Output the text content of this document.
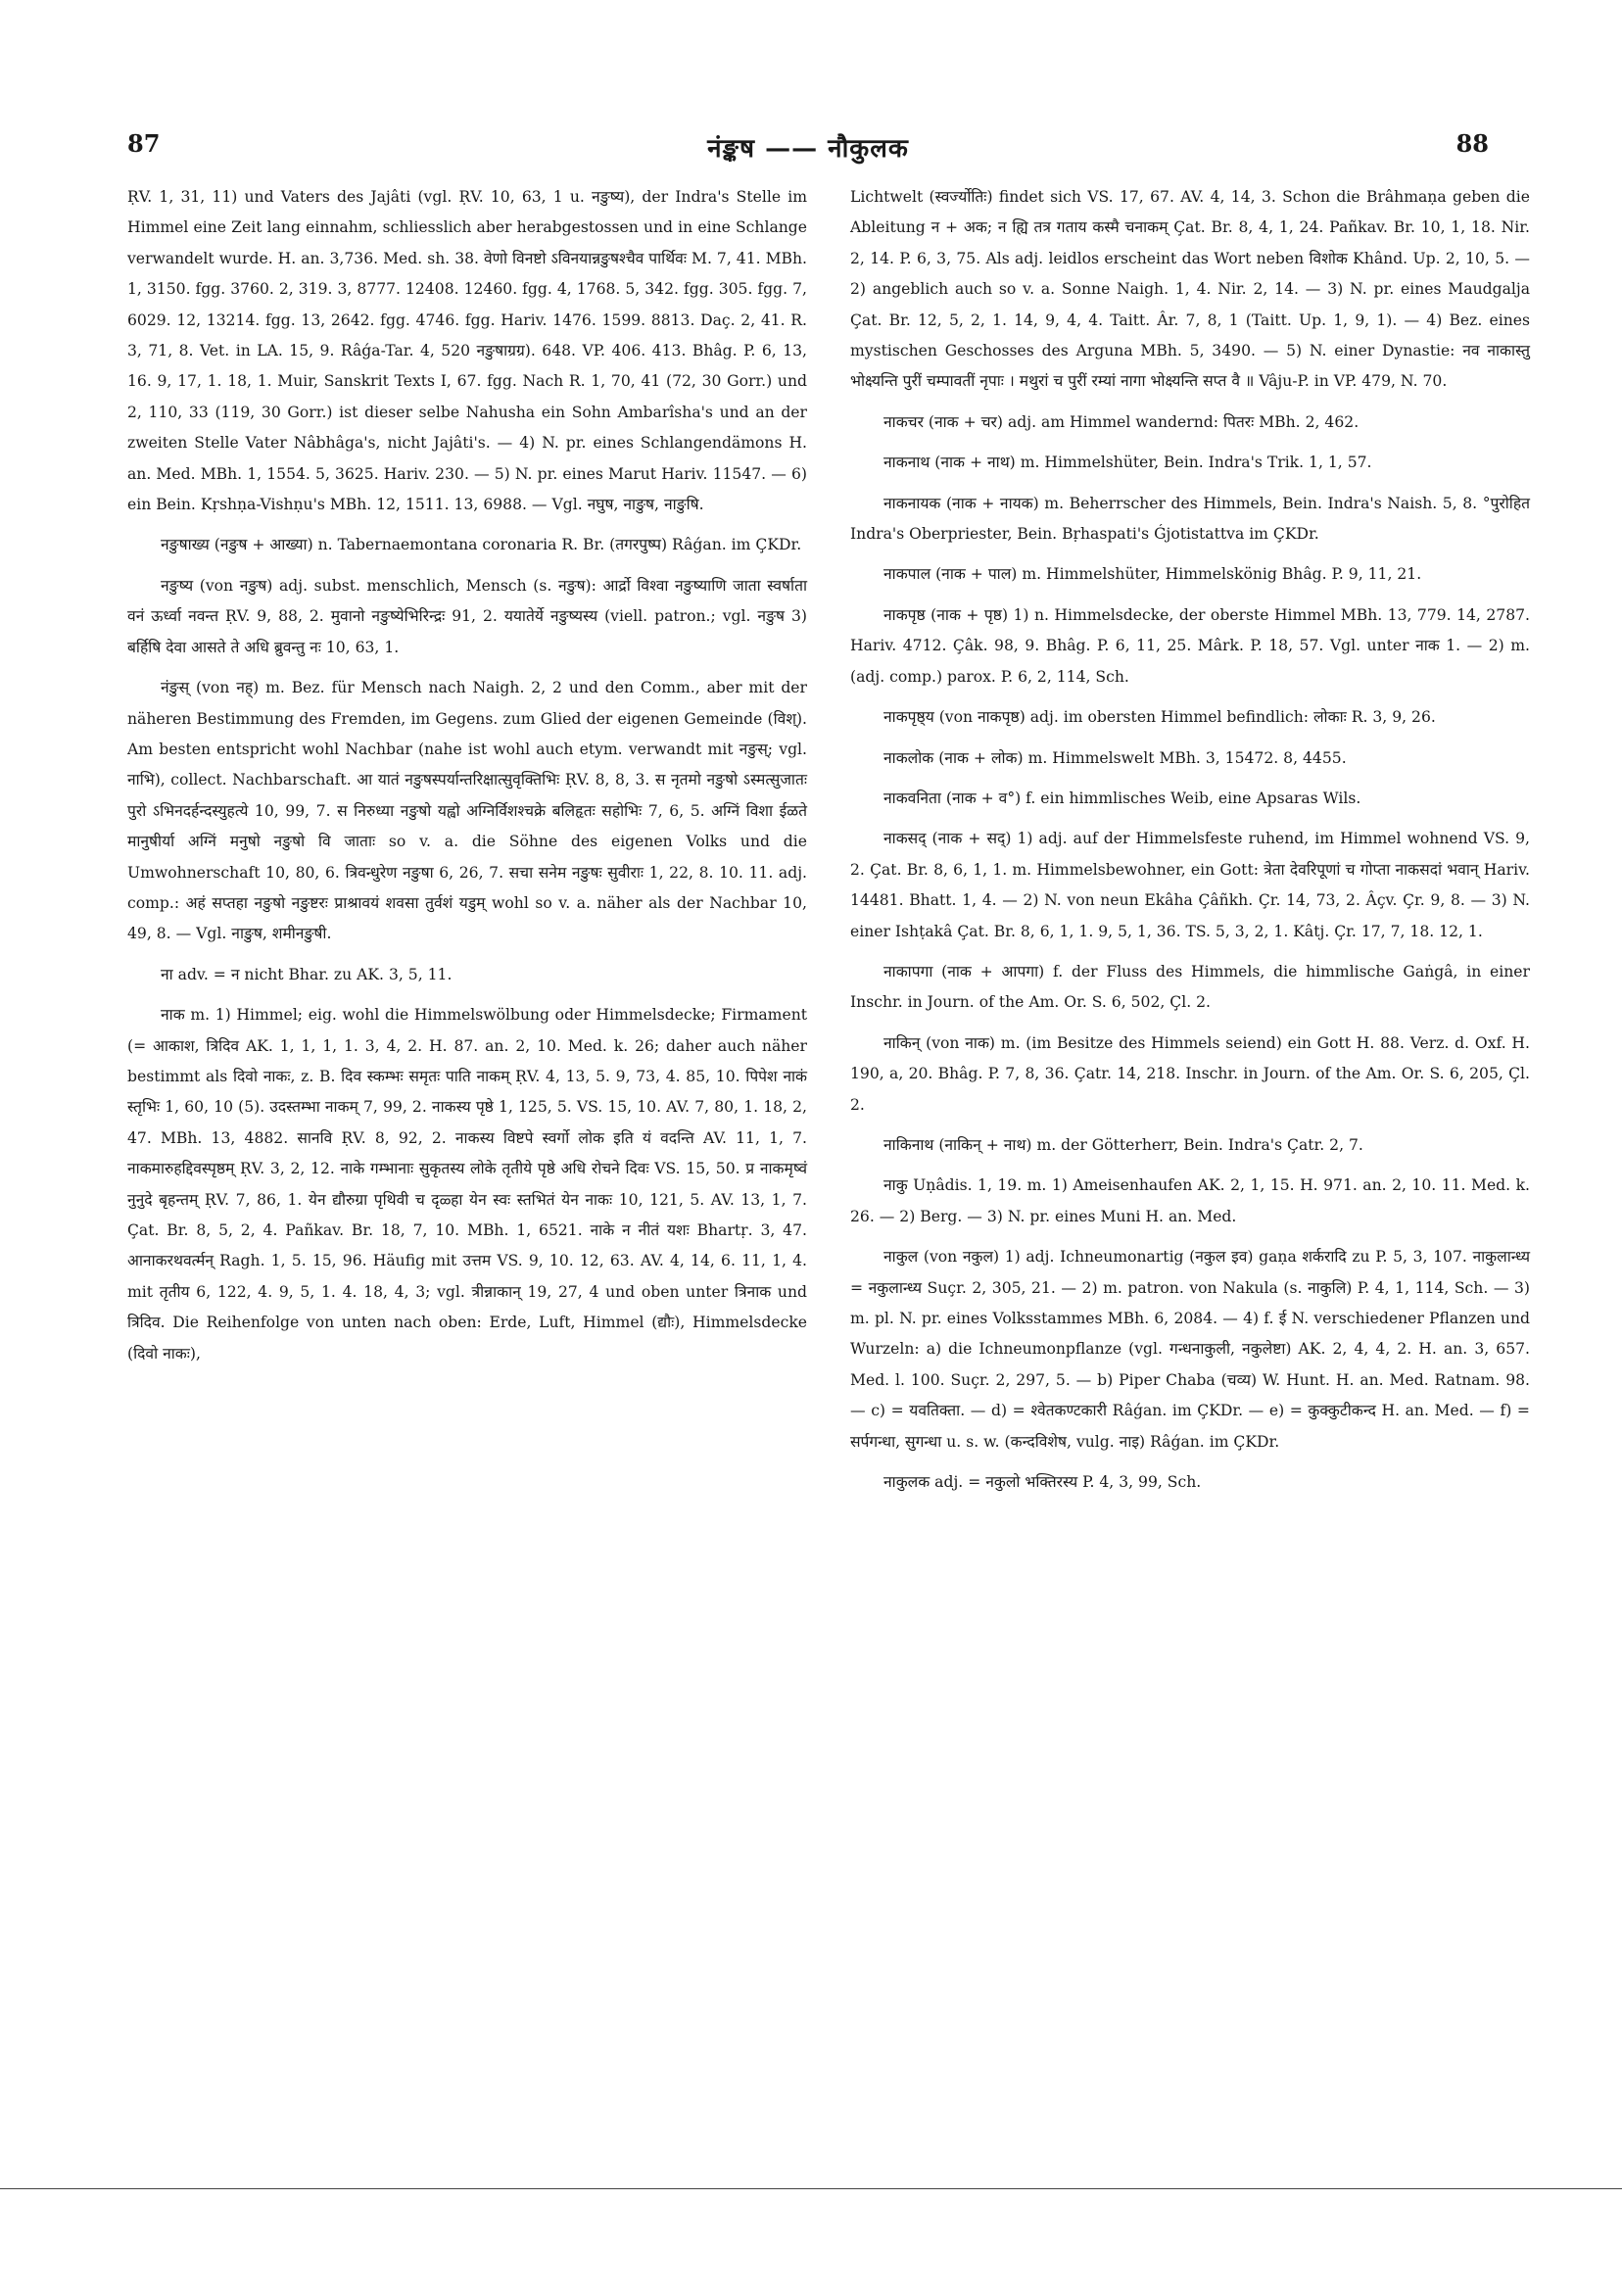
87	नंङ्कष —— नौकुलक	88

ṚV. 1, 31, 11) und Vaters des Jajâti (vgl. ṚV. 10, 63, 1 u. नङुष्य), der Indra's Stelle im Himmel eine Zeit lang einnahm, schliesslich aber herabgestossen und in eine Schlange verwandelt wurde. H. an. 3,736. Med. sh. 38. वेणो विनष्टो ऽविनयान्नङुषश्चैव पार्थिवः M. 7, 41. MBh. 1, 3150. fgg. 3760. 2, 319. 3, 8777. 12408. 12460. fgg. 4, 1768. 5, 342. fgg. 305. fgg. 7, 6029. 12, 13214. fgg. 13, 2642. fgg. 4746. fgg. Hariv. 1476. 1599. 8813. Daç. 2, 41. R. 3, 71, 8. Vet. in LA. 15, 9. Râǵa-Tar. 4, 520 नङुषाग्रग्र). 648. VP. 406. 413. Bhâg. P. 6, 13, 16. 9, 17, 1. 18, 1. Muir, Sanskrit Texts I, 67. fgg. Nach R. 1, 70, 41 (72, 30 Gorr.) und 2, 110, 33 (119, 30 Gorr.) ist dieser selbe Nahusha ein Sohn Ambarîsha's und an der zweiten Stelle Vater Nâbhâga's, nicht Jajâti's. — 4) N. pr. eines Schlangendämons H. an. Med. MBh. 1, 1554. 5, 3625. Hariv. 230. — 5) N. pr. eines Marut Hariv. 11547. — 6) ein Bein. Kṛshṇa-Vishṇu's MBh. 12, 1511. 13, 6988. — Vgl. नघुष, नाङुष, नाङुषि.

नङुषाख्य (नङुष + आख्या) n. Tabernaemontana coronaria R. Br. (तगरपुष्प) Râǵan. im ÇKDr.

नङुष्य (von नङुष) adj. subst. menschlich, Mensch (s. नङुष): आर्द्रो विश्वा नङुष्याणि जाता स्वर्षाता वनं ऊर्ध्वा नवन्त ṚV. 9, 88, 2. मुवानो नङुष्येभिरिन्द्रः 91, 2. ययातेर्ये नङुष्यस्य (viell. patron.; vgl. नङुष 3) बर्हिषि देवा आसते ते अधि ब्रुवन्तु नः 10, 63, 1.

नंङुस् (von नह्) m. Bez. für Mensch nach Naigh. 2, 2 und den Comm., aber mit der näheren Bestimmung des Fremden, im Gegens. zum Glied der eigenen Gemeinde (विश्). Am besten entspricht wohl Nachbar (nahe ist wohl auch etym. verwandt mit नङुस्; vgl. नाभि), collect. Nachbarschaft. आ यातं नङुषस्पर्यान्तरिक्षात्सुवृक्तिभिः ṚV. 8, 8, 3. स नृतमो नङुषो ऽस्मत्सुजातः पुरो ऽभिनदर्हन्दस्युहत्ये 10, 99, 7. स निरुध्या नङुषो यह्वो अग्निर्विशश्चक्रे बलिहृतः सहोभिः 7, 6, 5. अग्निं विशा ईळते मानुषीर्या अग्निं मनुषो नङुषो वि जाताः so v. a. die Söhne des eigenen Volks und die Umwohnerschaft 10, 80, 6. त्रिवन्धुरेण नङुषा 6, 26, 7. सचा सनेम नङुषः सुवीराः 1, 22, 8. 10. 11. adj. comp.: अहं सप्तहा नङुषो नङुष्टरः प्राश्रावयं शवसा तुर्वशं यडुम् wohl so v. a. näher als der Nachbar 10, 49, 8. — Vgl. नाङुष, शमीनङुषी.

ना adv. = न nicht Bhar. zu AK. 3, 5, 11.

नाक m. 1) Himmel; eig. wohl die Himmelswölbung oder Himmelsdecke; Firmament (= आकाश, त्रिदिव AK. 1, 1, 1, 1. 3, 4, 2. H. 87. an. 2, 10. Med. k. 26; daher auch näher bestimmt als दिवो नाकः, z. B. दिव स्कम्भः समृतः पाति नाकम् ṚV. 4, 13, 5. 9, 73, 4. 85, 10. पिपेश नाकं स्तृभिः 1, 60, 10 (5). उदस्तम्भा नाकम् 7, 99, 2. नाकस्य पृष्ठे 1, 125, 5. VS. 15, 10. AV. 7, 80, 1. 18, 2, 47. MBh. 13, 4882. सानवि ṚV. 8, 92, 2. नाकस्य विष्टपे स्वर्गो लोक इति यं वदन्ति AV. 11, 1, 7. नाकमारुहद्दिवस्पृष्ठम् ṚV. 3, 2, 12. नाके गम्भानाः सुकृतस्य लोके तृतीये पृष्ठे अधि रोचने दिवः VS. 15, 50. प्र नाकमृष्वं नुनुदे बृहन्तम् ṚV. 7, 86, 1. येन द्यौरुग्रा पृथिवी च दृळ्हा येन स्वः स्तभितं येन नाकः 10, 121, 5. AV. 13, 1, 7. Çat. Br. 8, 5, 2, 4. Pañkav. Br. 18, 7, 10. MBh. 1, 6521. नाके न नीतं यशः Bhartṛ. 3, 47. आनाकरथवर्त्मन् Ragh. 1, 5. 15, 96. Häufig mit उत्तम VS. 9, 10. 12, 63. AV. 4, 14, 6. 11, 1, 4. mit तृतीय 6, 122, 4. 9, 5, 1. 4. 18, 4, 3; vgl. त्रीन्नाकान् 19, 27, 4 und oben unter त्रिनाक und त्रिदिव. Die Reihenfolge von unten nach oben: Erde, Luft, Himmel (द्यौः), Himmelsdecke (दिवो नाकः),

Lichtwelt (स्वर्ज्योतिः) findet sich VS. 17, 67. AV. 4, 14, 3. Schon die Brâhmaṇa geben die Ableitung न + अक; न ह्यि तत्र गताय कस्मै चनाकम् Çat. Br. 8, 4, 1, 24. Pañkav. Br. 10, 1, 18. Nir. 2, 14. P. 6, 3, 75. Als adj. leidlos erscheint das Wort neben विशोक Khând. Up. 2, 10, 5. — 2) angeblich auch so v. a. Sonne Naigh. 1, 4. Nir. 2, 14. — 3) N. pr. eines Maudgalja Çat. Br. 12, 5, 2, 1. 14, 9, 4, 4. Taitt. Âr. 7, 8, 1 (Taitt. Up. 1, 9, 1). — 4) Bez. eines mystischen Geschosses des Arguna MBh. 5, 3490. — 5) N. einer Dynastie: नव नाकास्तु भोक्ष्यन्ति पुरीं चम्पावतीं नृपाः । मथुरां च पुरीं रम्यां नागा भोक्ष्यन्ति सप्त वै ॥ Vâju-P. in VP. 479, N. 70.

नाकचर (नाक + चर) adj. am Himmel wandernd: पितरः MBh. 2, 462.

नाकनाथ (नाक + नाथ) m. Himmelshüter, Bein. Indra's Trik. 1, 1, 57.

नाकनायक (नाक + नायक) m. Beherrscher des Himmels, Bein. Indra's Naish. 5, 8. °पुरोहित Indra's Oberpriester, Bein. Bṛhaspati's Ǵjotistattva im ÇKDr.

नाकपाल (नाक + पाल) m. Himmelshüter, Himmelskönig Bhâg. P. 9, 11, 21.

नाकपृष्ठ (नाक + पृष्ठ) 1) n. Himmelsdecke, der oberste Himmel MBh. 13, 779. 14, 2787. Hariv. 4712. Çâk. 98, 9. Bhâg. P. 6, 11, 25. Mârk. P. 18, 57. Vgl. unter नाक 1. — 2) m. (adj. comp.) parox. P. 6, 2, 114, Sch.

नाकपृष्ठ्य (von नाकपृष्ठ) adj. im obersten Himmel befindlich: लोकाः R. 3, 9, 26.

नाकलोक (नाक + लोक) m. Himmelswelt MBh. 3, 15472. 8, 4455.

नाकवनिता (नाक + व°) f. ein himmlisches Weib, eine Apsaras Wils.

नाकसद् (नाक + सद्) 1) adj. auf der Himmelsfeste ruhend, im Himmel wohnend VS. 9, 2. Çat. Br. 8, 6, 1, 1. m. Himmelsbewohner, ein Gott: त्रेता देवरिपूणां च गोप्ता नाकसदां भवान् Hariv. 14481. Bhatt. 1, 4. — 2) N. von neun Ekâha Çâñkh. Çr. 14, 73, 2. Âçv. Çr. 9, 8. — 3) N. einer Ishṭakâ Çat. Br. 8, 6, 1, 1. 9, 5, 1, 36. TS. 5, 3, 2, 1. Kâtj. Çr. 17, 7, 18. 12, 1.

नाकापगा (नाक + आपगा) f. der Fluss des Himmels, die himmlische Gaṅgâ, in einer Inschr. in Journ. of the Am. Or. S. 6, 502, Çl. 2.

नाकिन् (von नाक) m. (im Besitze des Himmels seiend) ein Gott H. 88. Verz. d. Oxf. H. 190, a, 20. Bhâg. P. 7, 8, 36. Çatr. 14, 218. Inschr. in Journ. of the Am. Or. S. 6, 205, Çl. 2.

नाकिनाथ (नाकिन् + नाथ) m. der Götterherr, Bein. Indra's Çatr. 2, 7.

नाकु Uṇâdis. 1, 19. m. 1) Ameisenhaufen AK. 2, 1, 15. H. 971. an. 2, 10. 11. Med. k. 26. — 2) Berg. — 3) N. pr. eines Muni H. an. Med.

नाकुल (von नकुल) 1) adj. Ichneumonartig (नकुल इव) gaṇa शर्करादि zu P. 5, 3, 107. नाकुलान्ध्य = नकुलान्ध्य Suçr. 2, 305, 21. — 2) m. patron. von Nakula (s. नाकुलि) P. 4, 1, 114, Sch. — 3) m. pl. N. pr. eines Volksstammes MBh. 6, 2084. — 4) f. ई N. verschiedener Pflanzen und Wurzeln: a) die Ichneumonpflanze (vgl. गन्धनाकुली, नकुलेष्टा) AK. 2, 4, 4, 2. H. an. 3, 657. Med. l. 100. Suçr. 2, 297, 5. — b) Piper Chaba (चव्य) W. Hunt. H. an. Med. Ratnam. 98. — c) = यवतिक्ता. — d) = श्वेतकण्टकारी Râǵan. im ÇKDr. — e) = कुक्कुटीकन्द H. an. Med. — f) = सर्पगन्धा, सुगन्धा u. s. w. (कन्दविशेष, vulg. नाइ) Râǵan. im ÇKDr.

नाकुलक adj. = नकुलो भक्तिरस्य P. 4, 3, 99, Sch.
